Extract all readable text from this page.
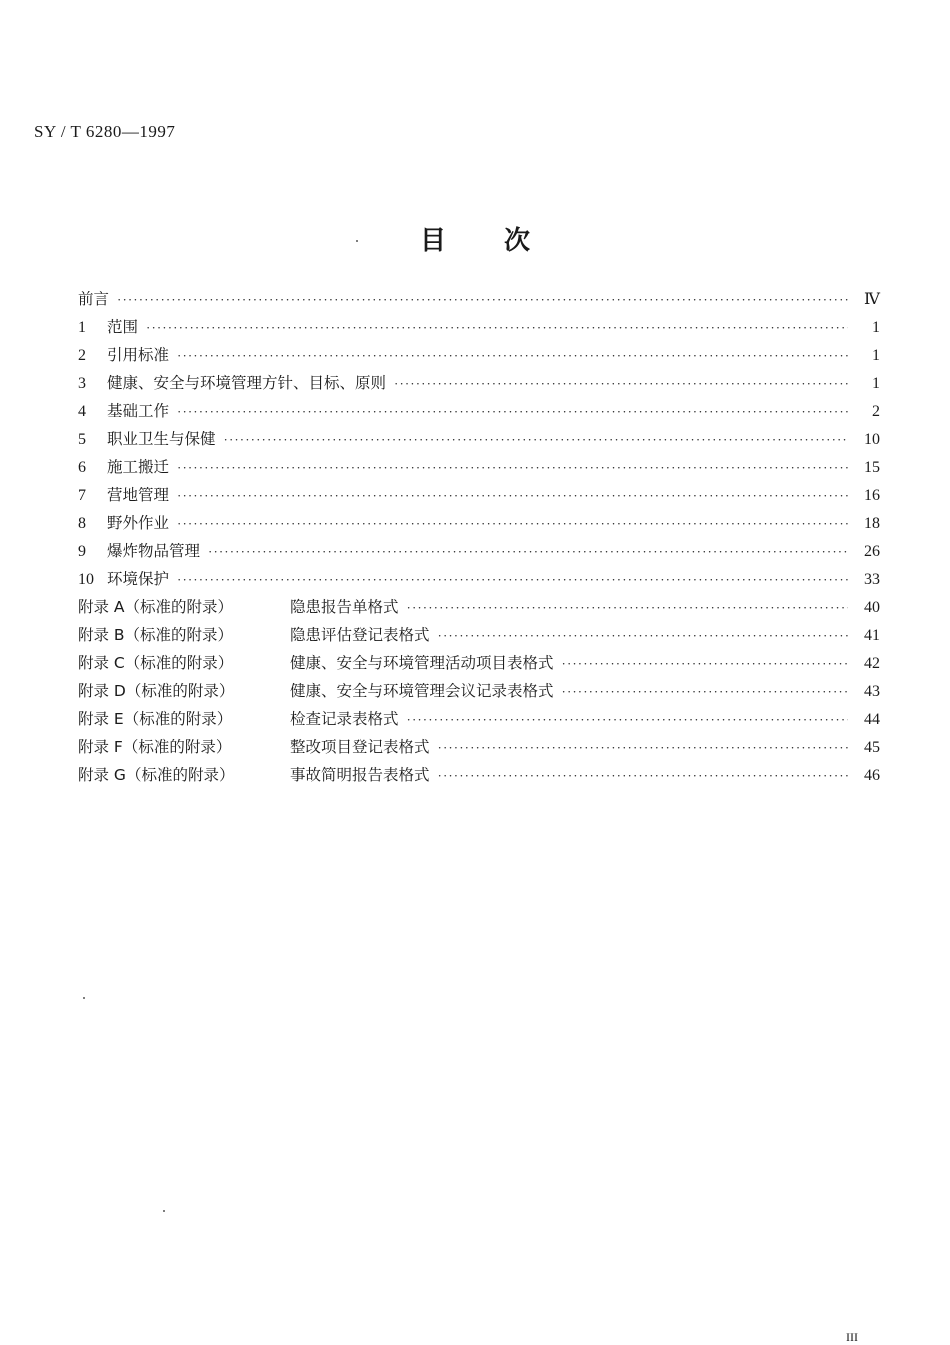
SY / T 6280—1997
目次
前言 ·····	Ⅳ
1	范围 ·····	1
2	引用标准 ·····	1
3	健康、安全与环境管理方针、目标、原则 ·····	1
4	基础工作 ·····	2
5	职业卫生与保健 ·····	10
6	施工搬迁 ·····	15
7	营地管理 ·····	16
8	野外作业 ·····	18
9	爆炸物品管理 ·····	26
10 环境保护 ·····	33
附录 A（标准的附录）	隐患报告单格式 ·····	40
附录 B（标准的附录）	隐患评估登记表格式 ·····	41
附录 C（标准的附录）	健康、安全与环境管理活动项目表格式 ·····	42
附录 D（标准的附录）	健康、安全与环境管理会议记录表格式 ·····	43
附录 E（标准的附录）	检查记录表格式 ·····	44
附录 F（标准的附录）	整改项目登记表格式 ·····	45
附录 G（标准的附录）	事故简明报告表格式 ·····	46
III
